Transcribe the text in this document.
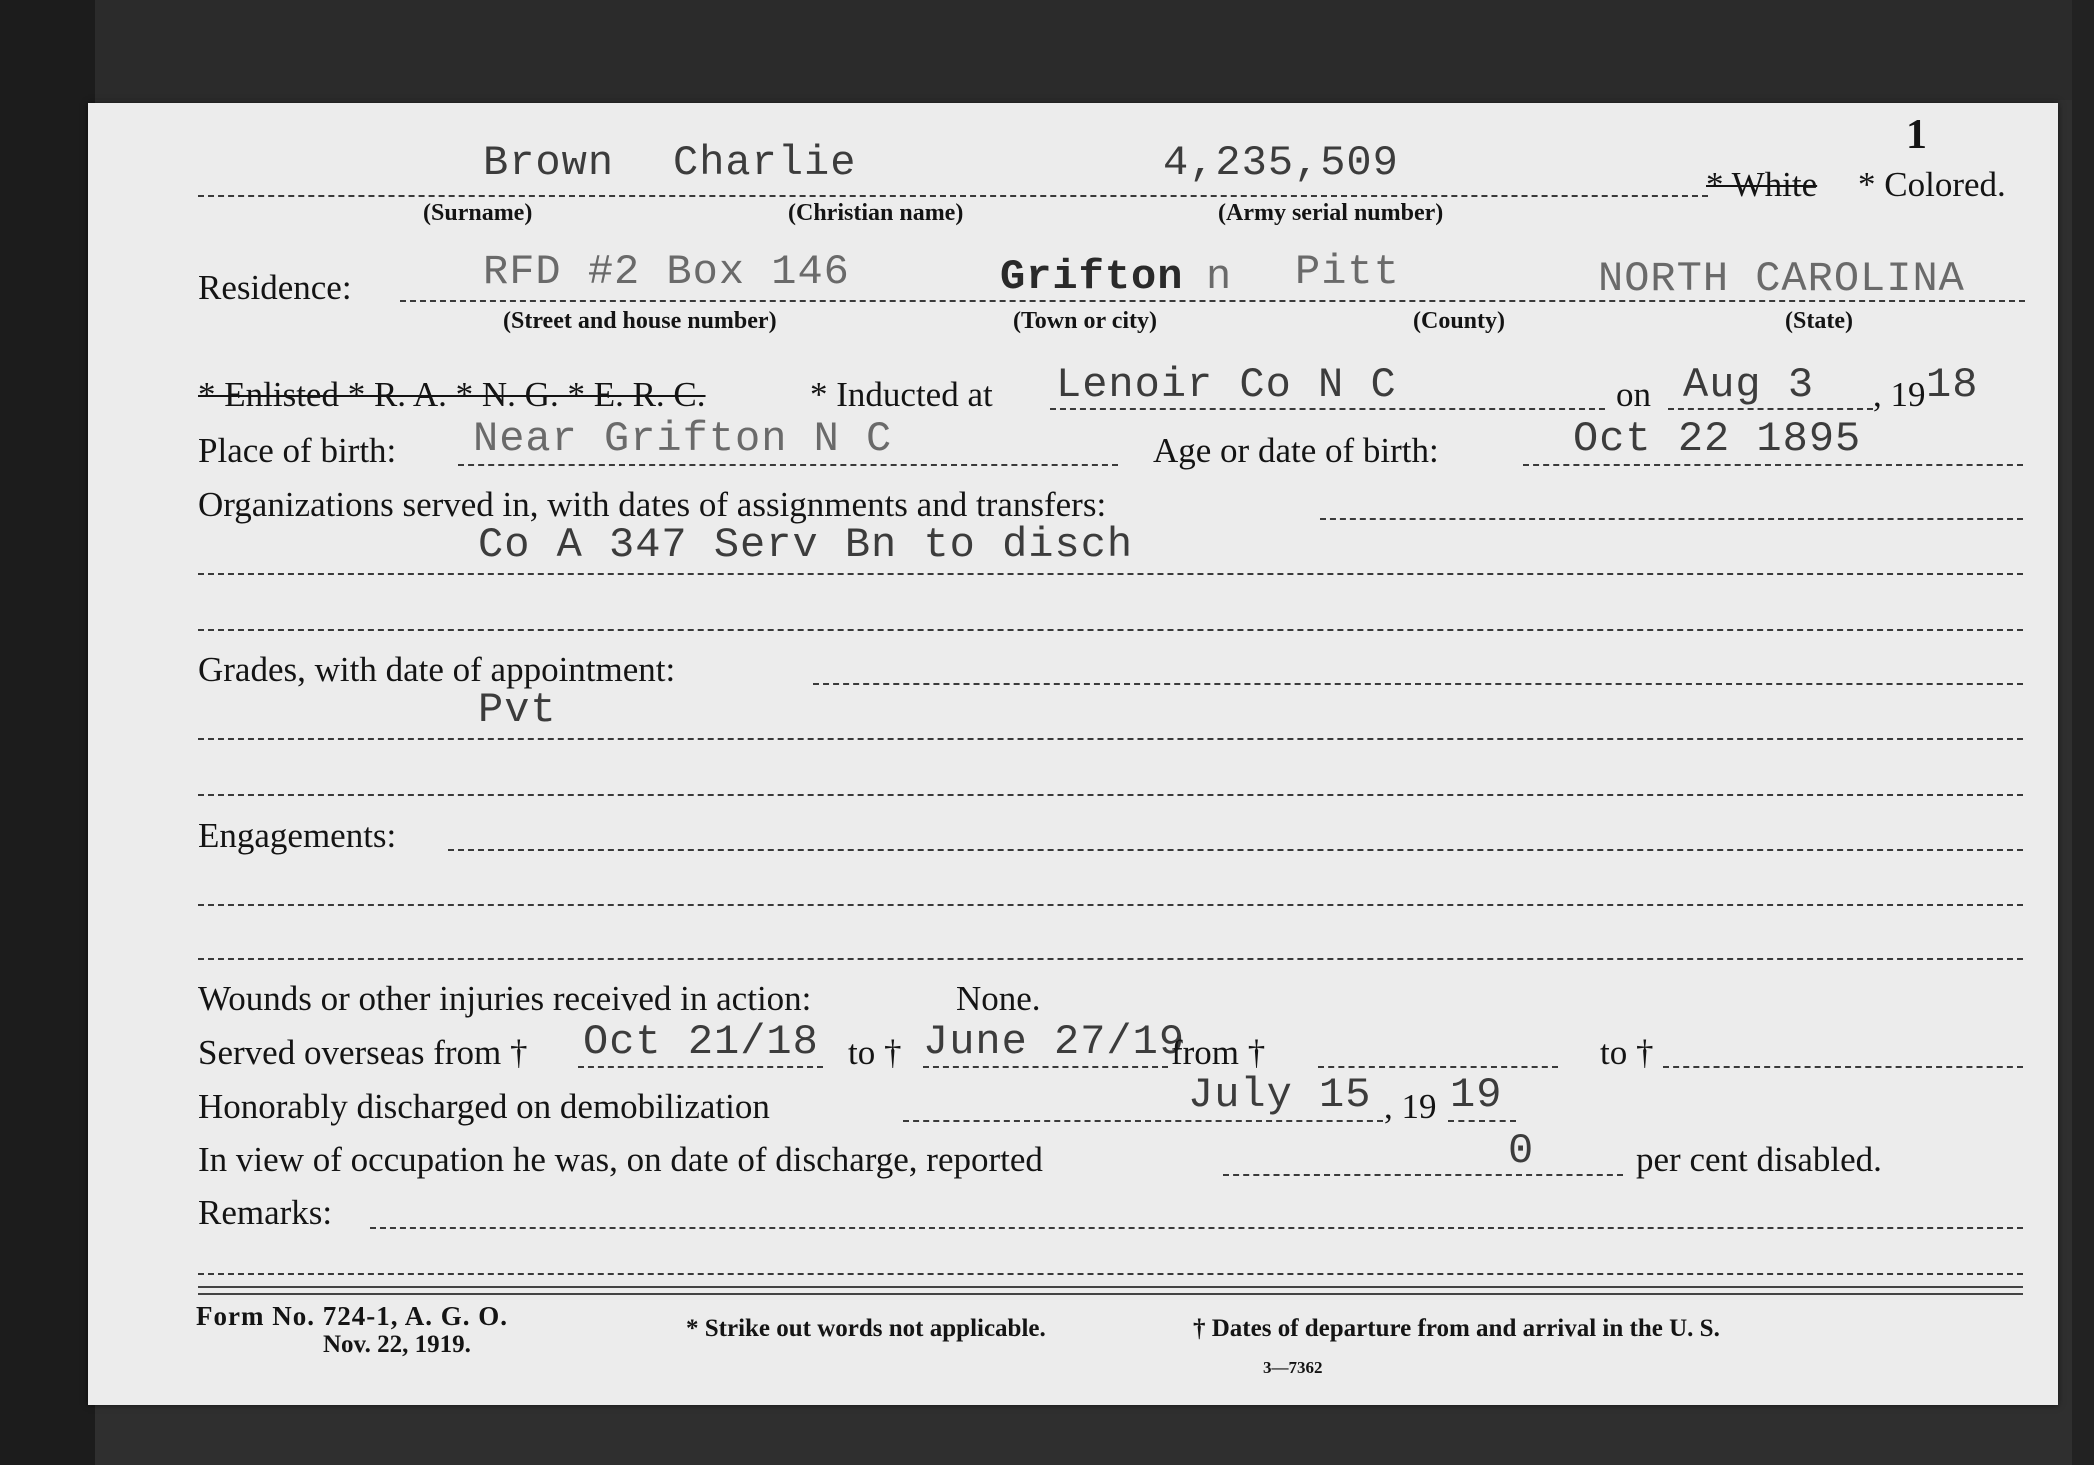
1
Brown Charlie	4,235,509	* White * Colored.
(Surname)	(Christian name)	(Army serial number)
Residence:	RFD #2 Box 146	Grifton n Pitt	NORTH CAROLINA
(Street and house number)	(Town or city)	(County)	(State)
* Enlisted * R. A. * N. G. * E. R. C.	* Inducted at Lenoir Co N C	on Aug 3 , 19 18
Place of birth: Near Grifton N C	Age or date of birth:	Oct 22 1895
Organizations served in, with dates of assignments and transfers:
Co A 347 Serv Bn to disch
Grades, with date of appointment:
Pvt
Engagements:
Wounds or other injuries received in action:	None.
Served overseas from † Oct 21/18 to † June 27/19
from †	to †
Honorably discharged on demobilization	July 15 , 19 19
In view of occupation he was, on date of discharge, reported	0	per cent disabled.
Remarks:
Form No. 724-1, A. G. O.
Nov. 22, 1919.
* Strike out words not applicable.	† Dates of departure from and arrival in the U. S.
3—7362
